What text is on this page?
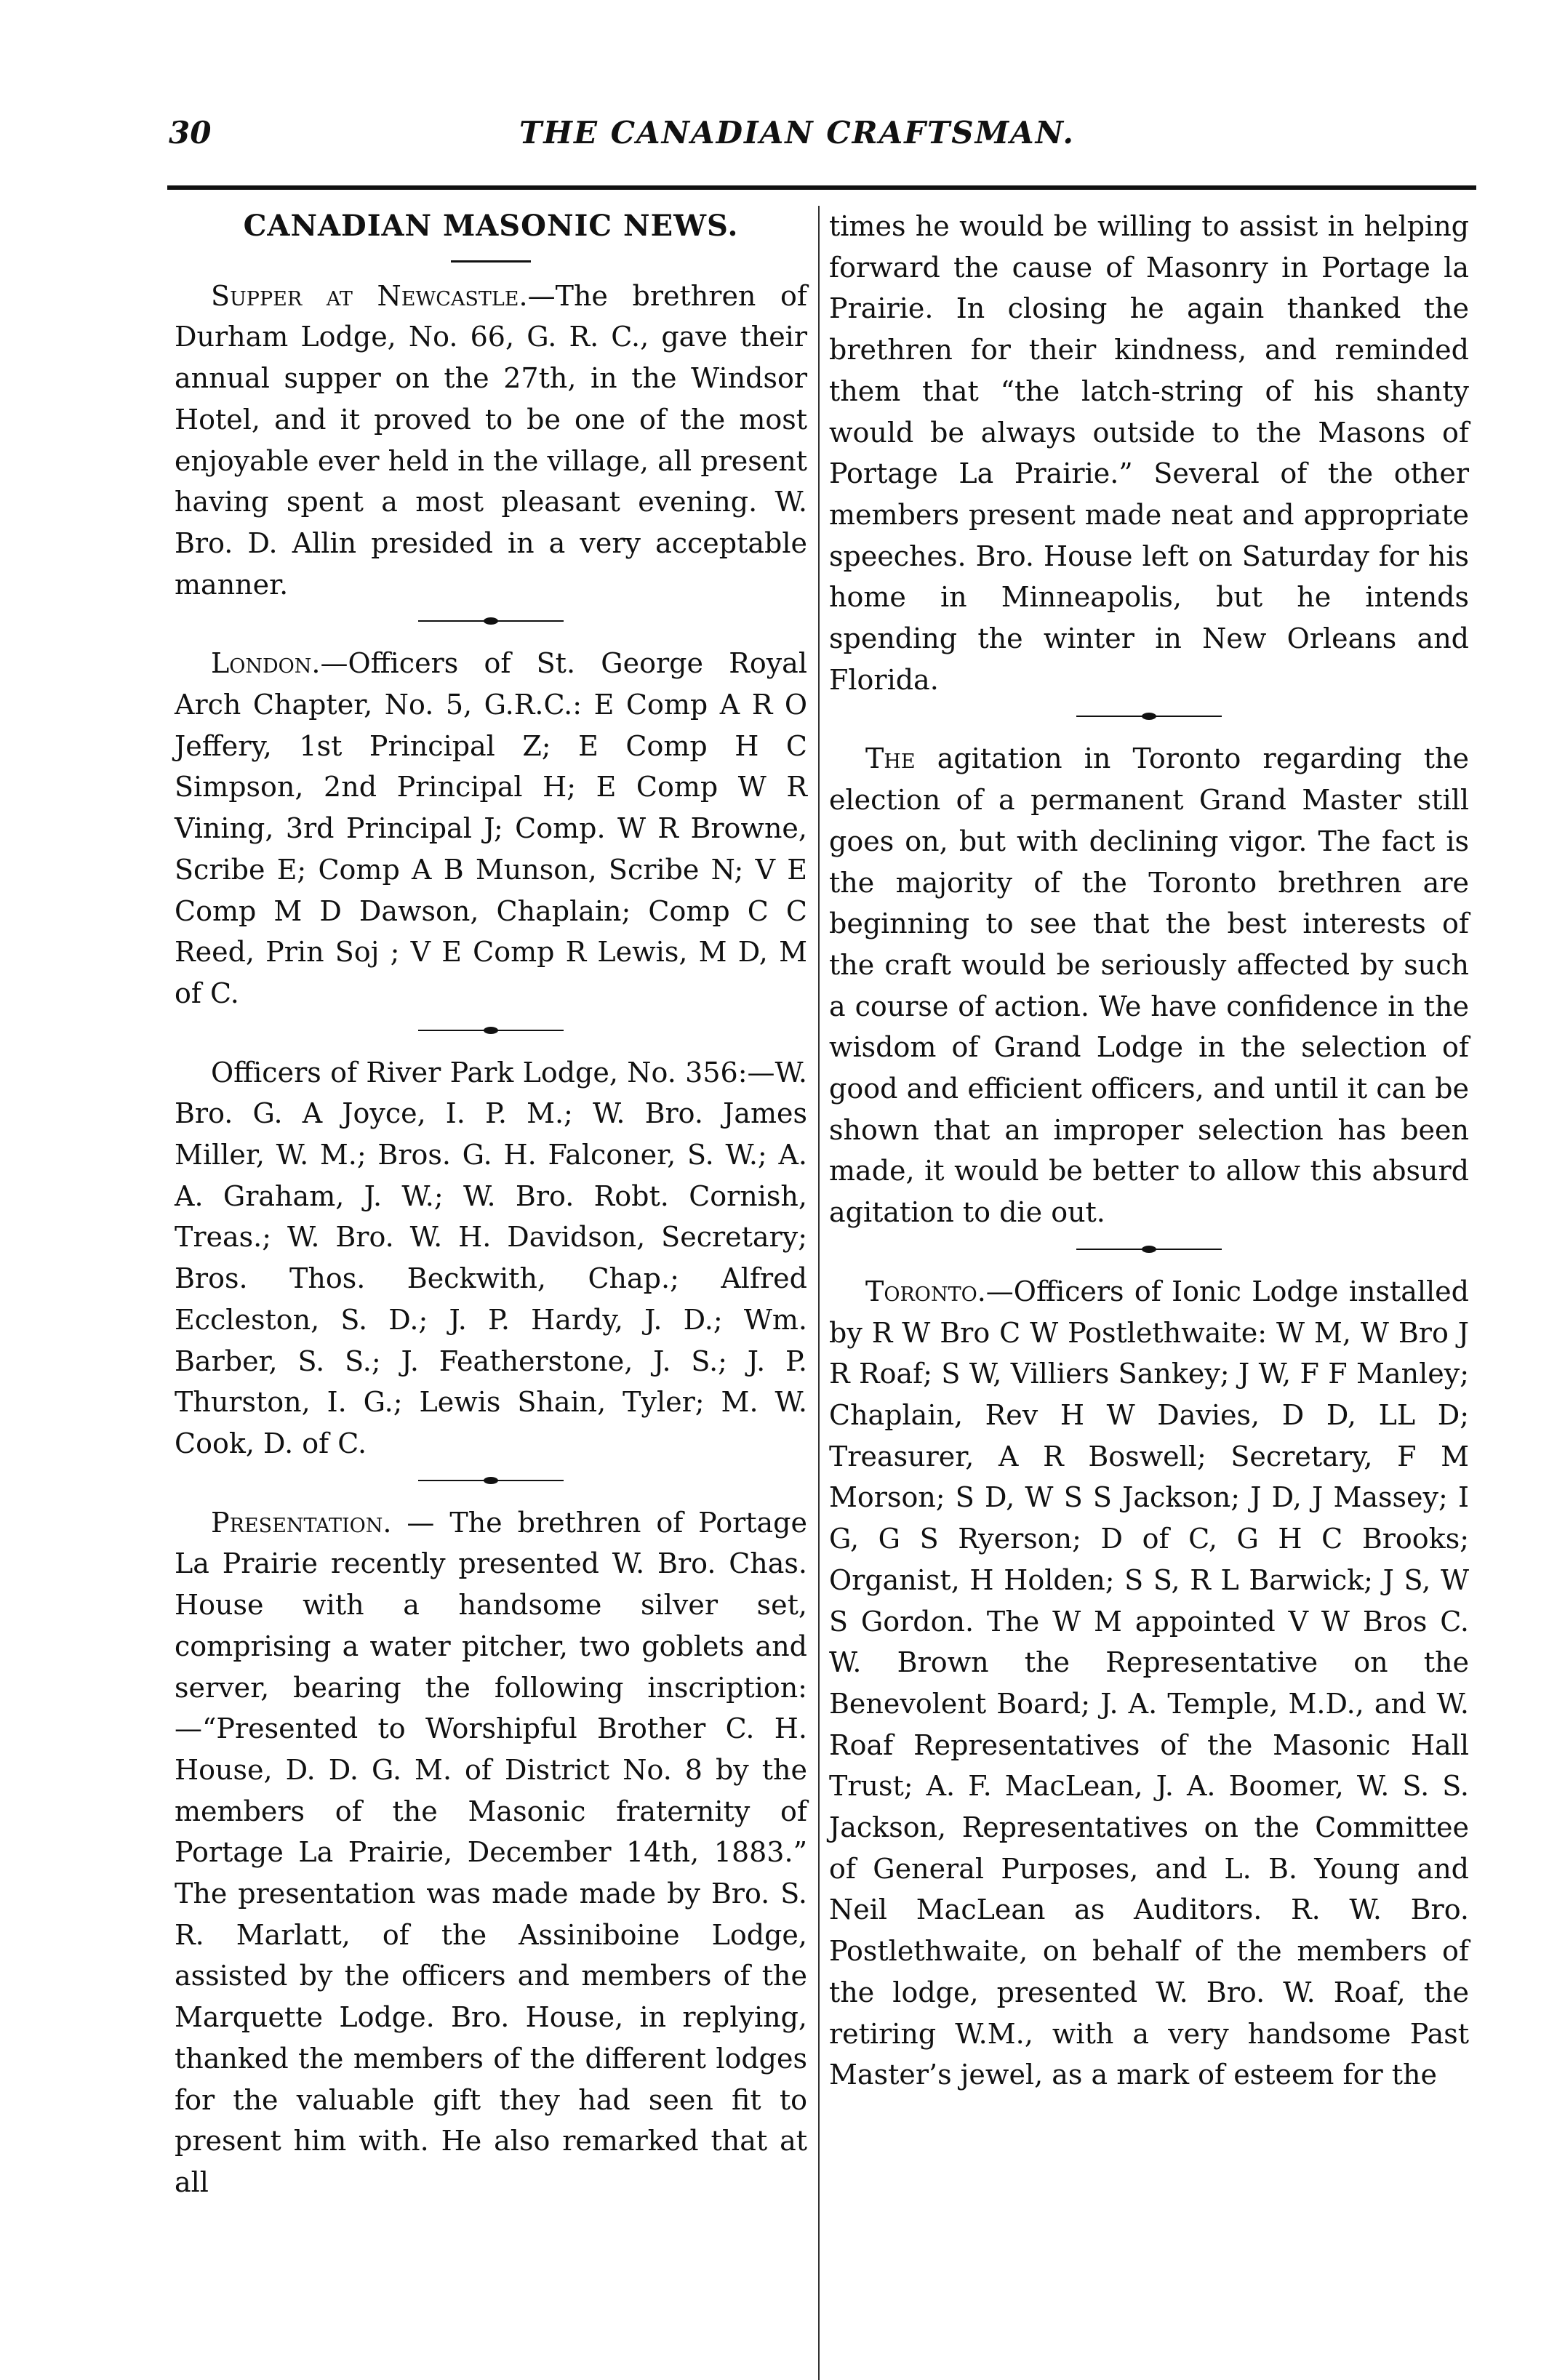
30	THE CANADIAN CRAFTSMAN.
CANADIAN MASONIC NEWS.

Supper at Newcastle.—The brethren of Durham Lodge, No. 66, G. R. C., gave their annual supper on the 27th, in the Windsor Hotel, and it proved to be one of the most enjoyable ever held in the village, all present having spent a most pleasant evening. W. Bro. D. Allin presided in a very acceptable manner.

London.—Officers of St. George Royal Arch Chapter, No. 5, G.R.C.: E Comp A R O Jeffery, 1st Principal Z; E Comp H C Simpson, 2nd Principal H; E Comp W R Vining, 3rd Principal J; Comp. W R Browne, Scribe E; Comp A B Munson, Scribe N; V E Comp M D Dawson, Chaplain; Comp C C Reed, Prin Soj ; V E Comp R Lewis, M D, M of C.

Officers of River Park Lodge, No. 356:—W. Bro. G. A Joyce, I. P. M.; W. Bro. James Miller, W. M.; Bros. G. H. Falconer, S. W.; A. A. Graham, J. W.; W. Bro. Robt. Cornish, Treas.; W. Bro. W. H. Davidson, Secretary; Bros. Thos. Beckwith, Chap.; Alfred Eccleston, S. D.; J. P. Hardy, J. D.; Wm. Barber, S. S.; J. Featherstone, J. S.; J. P. Thurston, I. G.; Lewis Shain, Tyler; M. W. Cook, D. of C.

Presentation. — The brethren of Portage La Prairie recently presented W. Bro. Chas. House with a handsome silver set, comprising a water pitcher, two goblets and server, bearing the following inscription:—“Presented to Worshipful Brother C. H. House, D. D. G. M. of District No. 8 by the members of the Masonic fraternity of Portage La Prairie, December 14th, 1883.” The presentation was made made by Bro. S. R. Marlatt, of the Assiniboine Lodge, assisted by the officers and members of the Marquette Lodge. Bro. House, in replying, thanked the members of the different lodges for the valuable gift they had seen fit to present him with. He also remarked that at all

times he would be willing to assist in helping forward the cause of Masonry in Portage la Prairie. In closing he again thanked the brethren for their kindness, and reminded them that “the latch-string of his shanty would be always outside to the Masons of Portage La Prairie.” Several of the other members present made neat and appropriate speeches. Bro. House left on Saturday for his home in Minneapolis, but he intends spending the winter in New Orleans and Florida.

The agitation in Toronto regarding the election of a permanent Grand Master still goes on, but with declining vigor. The fact is the majority of the Toronto brethren are beginning to see that the best interests of the craft would be seriously affected by such a course of action. We have confidence in the wisdom of Grand Lodge in the selection of good and efficient officers, and until it can be shown that an improper selection has been made, it would be better to allow this absurd agitation to die out.

Toronto.—Officers of Ionic Lodge installed by R W Bro C W Postlethwaite: W M, W Bro J R Roaf; S W, Villiers Sankey; J W, F F Manley; Chaplain, Rev H W Davies, D D, LL D; Treasurer, A R Boswell; Secretary, F M Morson; S D, W S S Jackson; J D, J Massey; I G, G S Ryerson; D of C, G H C Brooks; Organist, H Holden; S S, R L Barwick; J S, W S Gordon. The W M appointed V W Bros C. W. Brown the Representative on the Benevolent Board; J. A. Temple, M.D., and W. Roaf Representatives of the Masonic Hall Trust; A. F. MacLean, J. A. Boomer, W. S. S. Jackson, Representatives on the Committee of General Purposes, and L. B. Young and Neil MacLean as Auditors. R. W. Bro. Postlethwaite, on behalf of the members of the lodge, presented W. Bro. W. Roaf, the retiring W.M., with a very handsome Past Master’s jewel, as a mark of esteem for the
